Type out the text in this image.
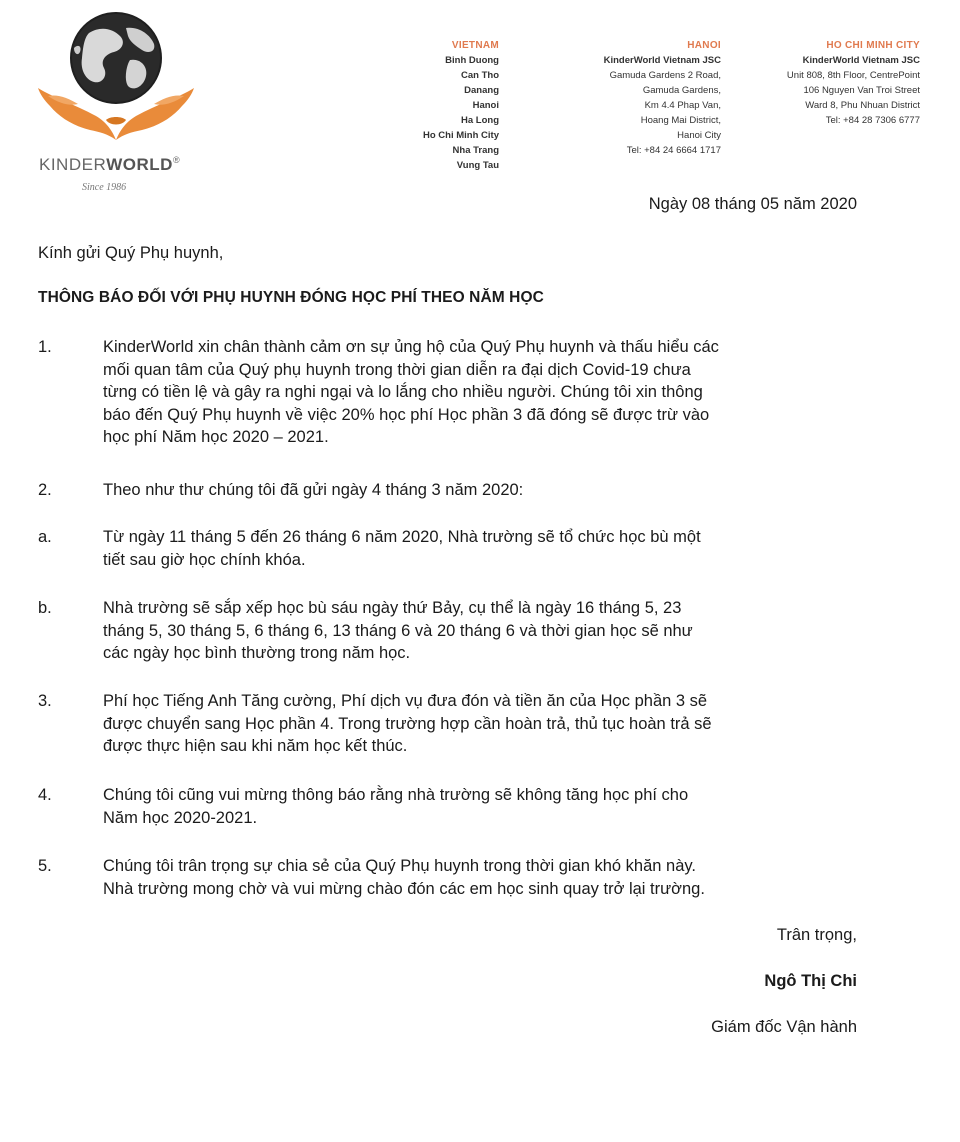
KINDERWORLD®
Since 1986
VIETNAM
Binh Duong
Can Tho
Danang
Hanoi
Ha Long
Ho Chi Minh City
Nha Trang
Vung Tau
HANOI
KinderWorld Vietnam JSC
Gamuda Gardens 2 Road,
Gamuda Gardens,
Km 4.4 Phap Van,
Hoang Mai District,
Hanoi City
Tel: +84 24 6664 1717
HO CHI MINH CITY
KinderWorld Vietnam JSC
Unit 808, 8th Floor, CentrePoint
106 Nguyen Van Troi Street
Ward 8, Phu Nhuan District
Tel: +84 28 7306 6777
Ngày 08 tháng 05 năm 2020
Kính gửi Quý Phụ huynh,
THÔNG BÁO ĐỐI VỚI PHỤ HUYNH ĐÓNG HỌC PHÍ THEO NĂM HỌC
1.	KinderWorld xin chân thành cảm ơn sự ủng hộ của Quý Phụ huynh và thấu hiểu các
mối quan tâm của Quý phụ huynh trong thời gian diễn ra đại dịch Covid-19 chưa
từng có tiền lệ và gây ra nghi ngại và lo lắng cho nhiều người. Chúng tôi xin thông
báo đến Quý Phụ huynh về việc 20% học phí Học phần 3 đã đóng sẽ được trừ vào
học phí Năm học 2020 – 2021.
2.	Theo như thư chúng tôi đã gửi ngày 4 tháng 3 năm 2020:
a.	Từ ngày 11 tháng 5 đến 26 tháng 6 năm 2020, Nhà trường sẽ tổ chức học bù một
tiết sau giờ học chính khóa.
b.	Nhà trường sẽ sắp xếp học bù sáu ngày thứ Bảy, cụ thể là ngày 16 tháng 5, 23
tháng 5, 30 tháng 5, 6 tháng 6, 13 tháng 6 và 20 tháng 6 và thời gian học sẽ như
các ngày học bình thường trong năm học.
3.	Phí học Tiếng Anh Tăng cường, Phí dịch vụ đưa đón và tiền ăn của Học phần 3 sẽ
được chuyển sang Học phần 4. Trong trường hợp cần hoàn trả, thủ tục hoàn trả sẽ
được thực hiện sau khi năm học kết thúc.
4.	Chúng tôi cũng vui mừng thông báo rằng nhà trường sẽ không tăng học phí cho
Năm học 2020-2021.
5.	Chúng tôi trân trọng sự chia sẻ của Quý Phụ huynh trong thời gian khó khăn này.
Nhà trường mong chờ và vui mừng chào đón các em học sinh quay trở lại trường.
Trân trọng,
Ngô Thị Chi
Giám đốc Vận hành
